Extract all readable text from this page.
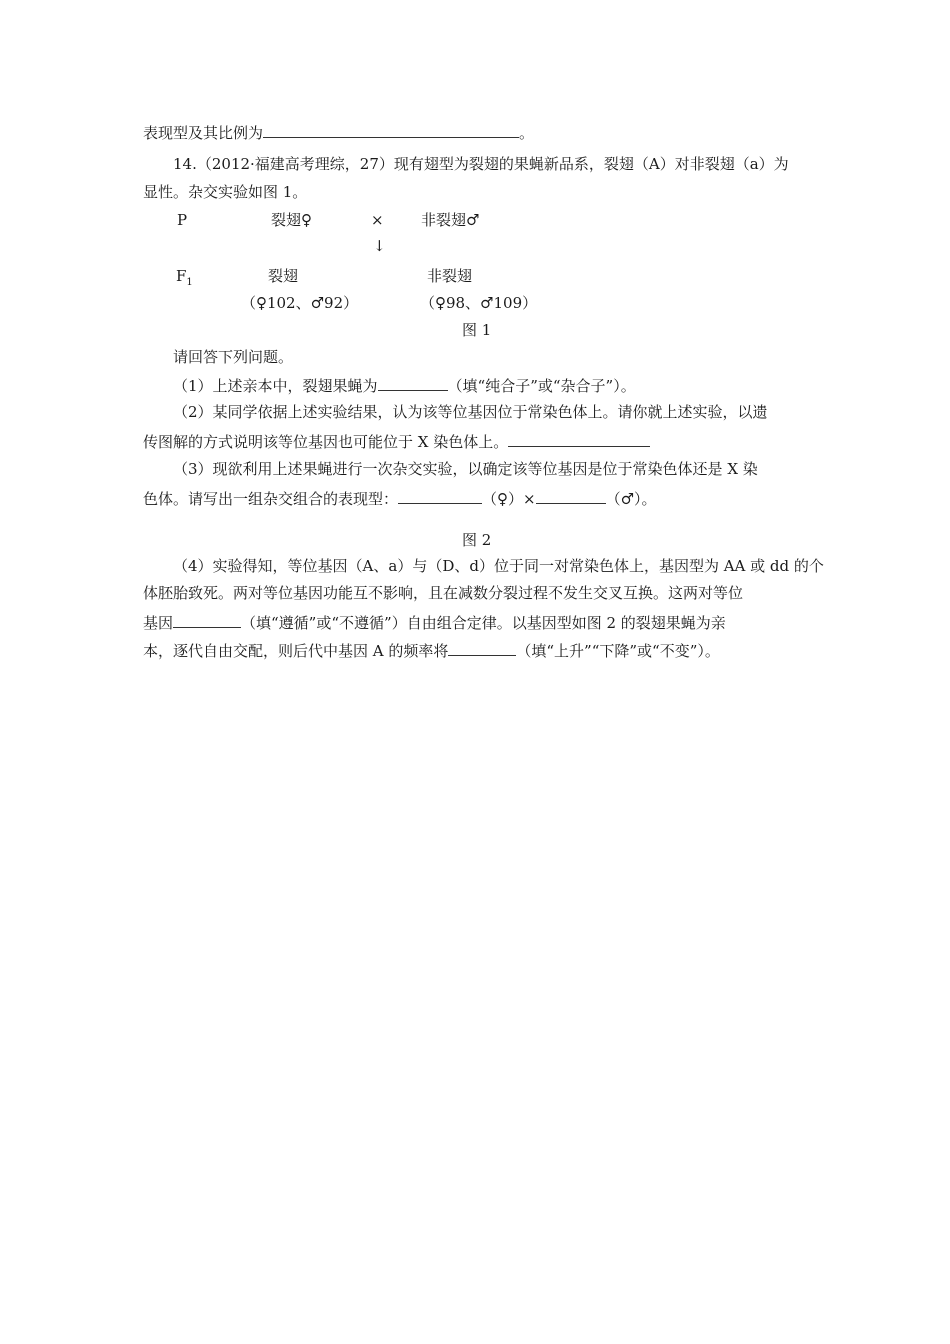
表现型及其比例为	。
14.（2012·福建高考理综，27）现有翅型为裂翅的果蝇新品系，裂翅（A）对非裂翅（a）为
显性。杂交实验如图 1。
P	裂翅♀	× 非裂翅♂
↓
$F_1$	裂翅	非裂翅
（♀102、♂92）	（♀98、♂109）
图 1
请回答下列问题。
（1）上述亲本中，裂翅果蝇为	（填“纯合子”或“杂合子”）。
（2）某同学依据上述实验结果，认为该等位基因位于常染色体上。请你就上述实验，以遗
传图解的方式说明该等位基因也可能位于 X 染色体上。
（3）现欲利用上述果蝇进行一次杂交实验，以确定该等位基因是位于常染色体还是 X 染
色体。请写出一组杂交组合的表现型：	（♀）×	（♂）。
图 2
（4）实验得知，等位基因（A、a）与（D、d）位于同一对常染色体上，基因型为 AA 或 dd 的个
体胚胎致死。两对等位基因功能互不影响，且在减数分裂过程不发生交叉互换。这两对等位
基因	（填“遵循”或“不遵循”）自由组合定律。以基因型如图 2 的裂翅果蝇为亲
本，逐代自由交配，则后代中基因 A 的频率将	（填“上升”“下降”或“不变”）。
